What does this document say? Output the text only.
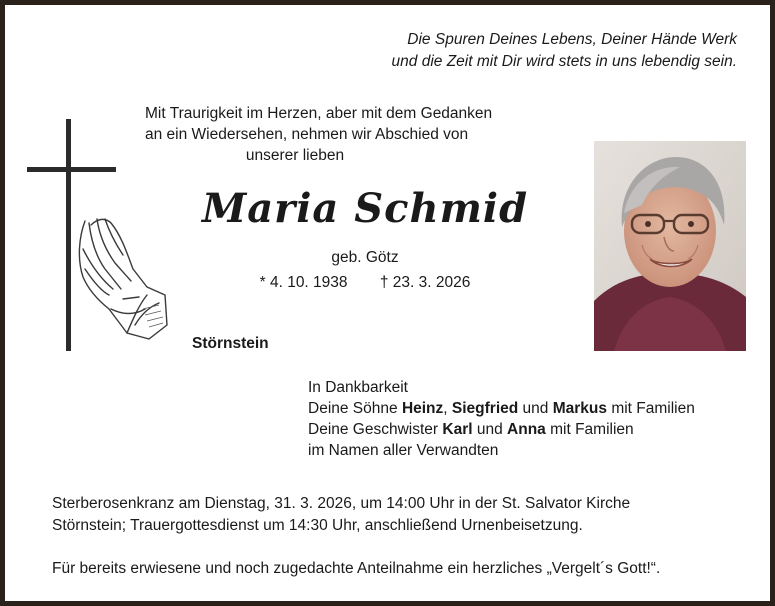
Die Spuren Deines Lebens, Deiner Hände Werk
und die Zeit mit Dir wird stets in uns lebendig sein.
Mit Traurigkeit im Herzen, aber mit dem Gedanken
an ein Wiedersehen, nehmen wir Abschied von
unserer lieben
Maria Schmid
geb. Götz
* 4. 10. 1938 † 23. 3. 2026
Störnstein
In Dankbarkeit
Deine Söhne Heinz, Siegfried und Markus mit Familien
Deine Geschwister Karl und Anna mit Familien
im Namen aller Verwandten
Sterberosenkranz am Dienstag, 31. 3. 2026, um 14:00 Uhr in der St. Salvator Kirche
Störnstein; Trauergottesdienst um 14:30 Uhr, anschließend Urnenbeisetzung.
Für bereits erwiesene und noch zugedachte Anteilnahme ein herzliches „Vergelt´s Gott!“.
